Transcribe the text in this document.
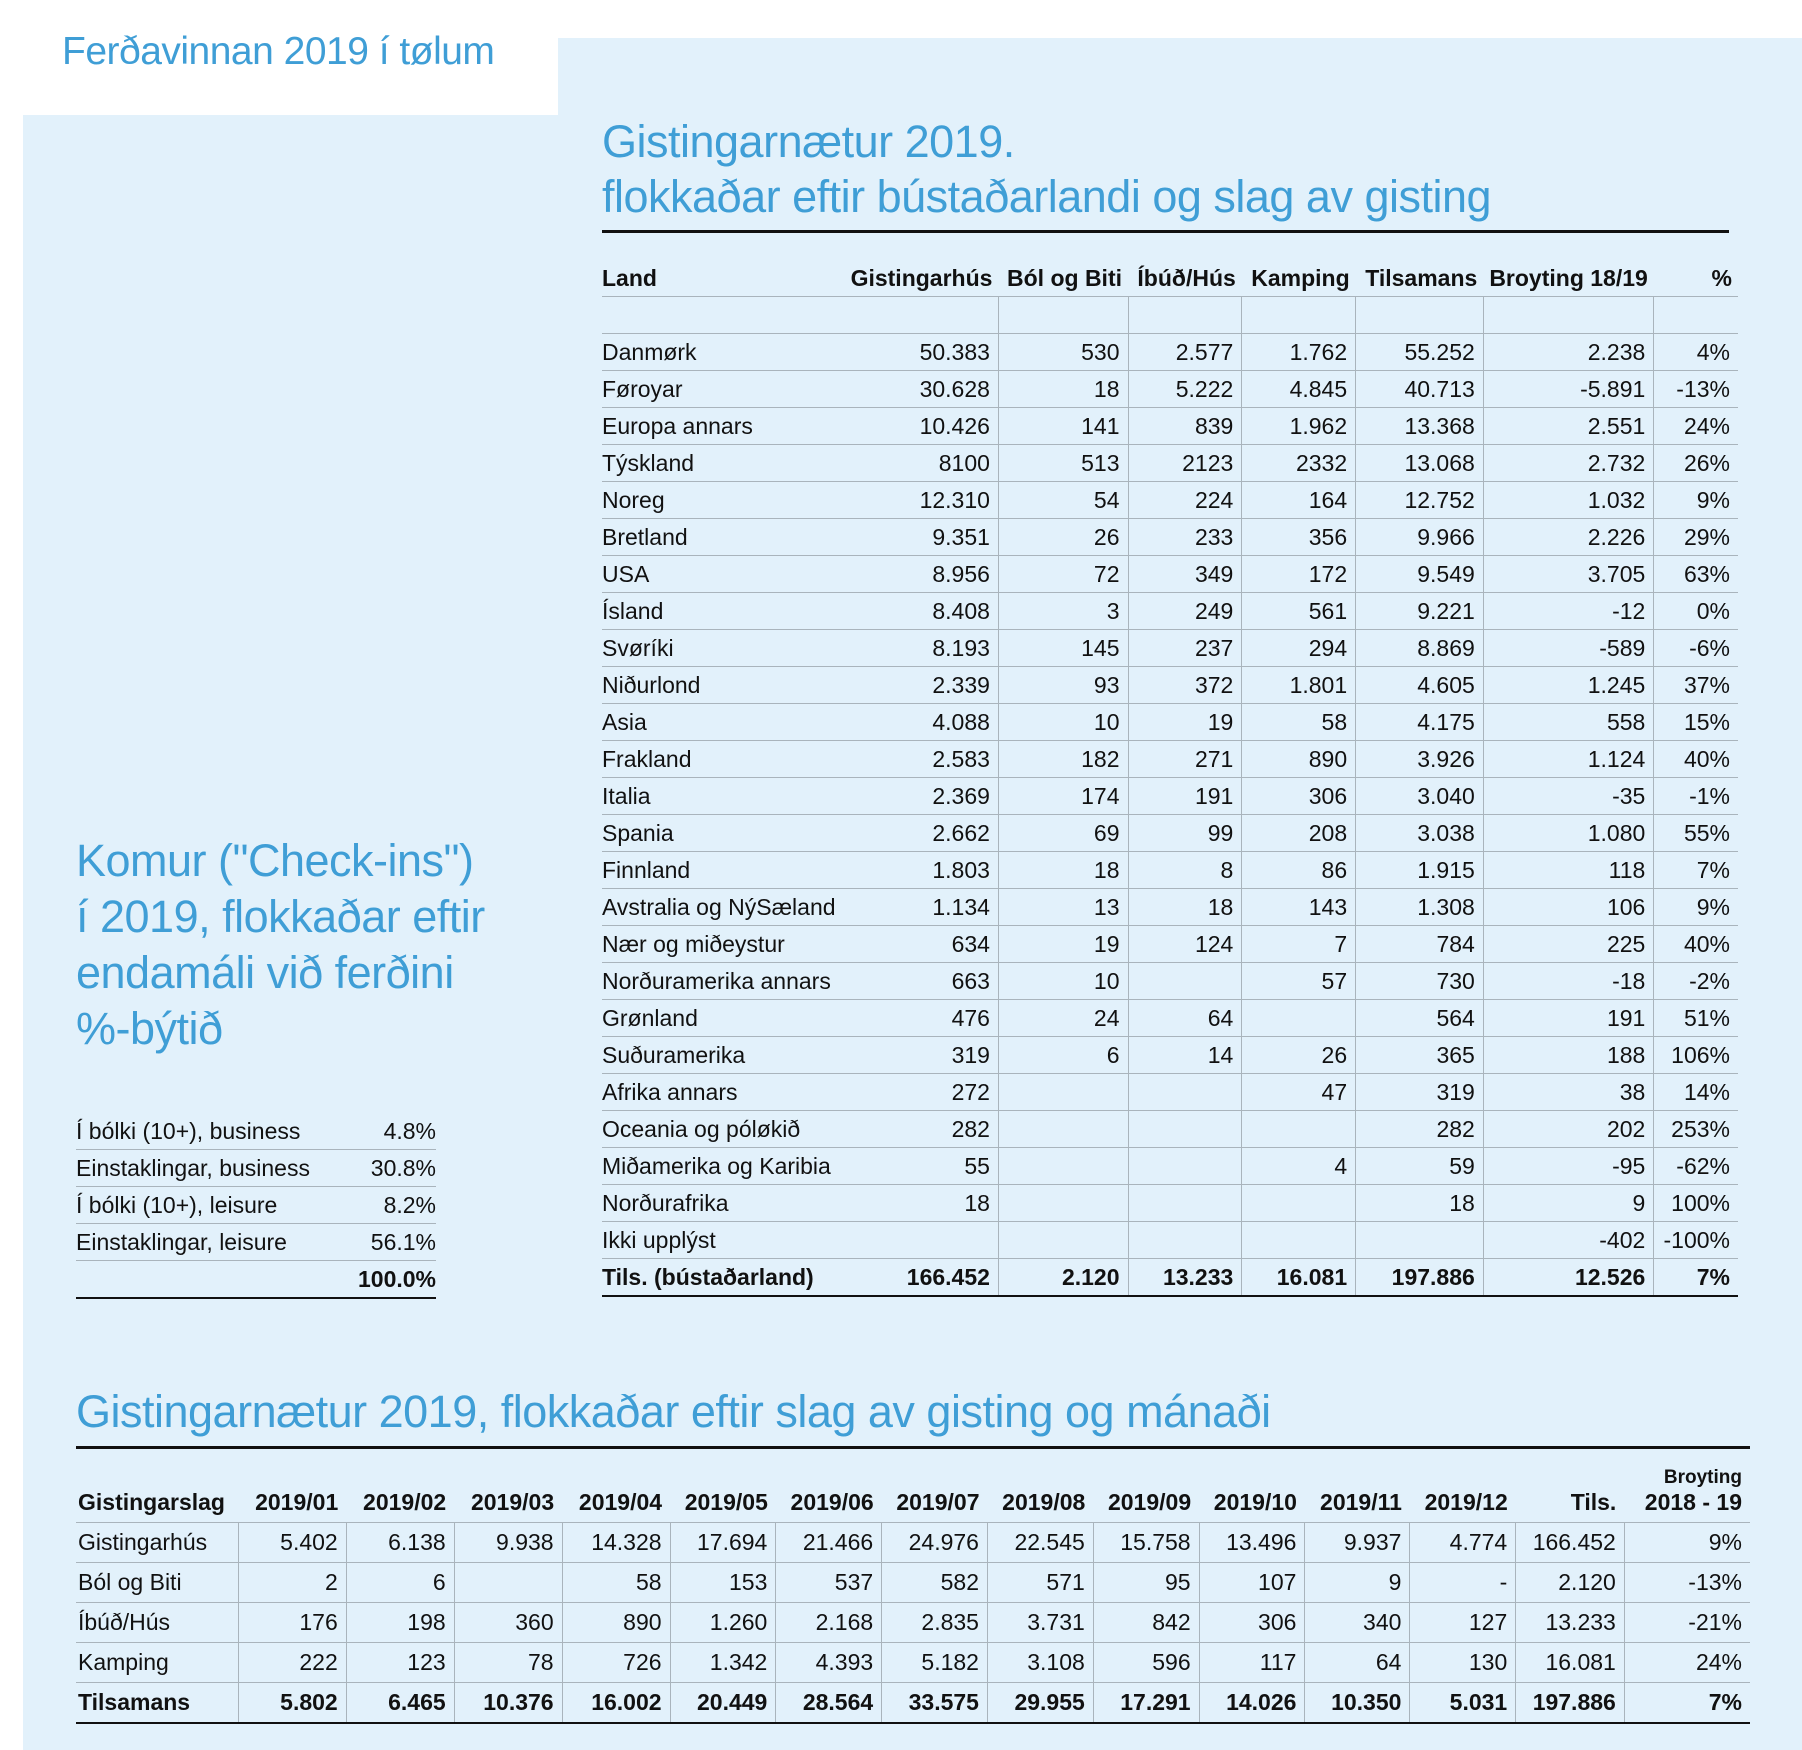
Ferðavinnan 2019 í tølum
Gistingarnætur 2019.
flokkaðar eftir bústaðarlandi og slag av gisting
Land	Gistingarhús	Ból og Biti	Íbúð/Hús	Kamping	Tilsamans	Broyting 18/19	%

Danmørk	50.383	530	2.577	1.762	55.252	2.238	4%
Føroyar	30.628	18	5.222	4.845	40.713	-5.891	-13%
Europa annars	10.426	141	839	1.962	13.368	2.551	24%
Týskland	8100	513	2123	2332	13.068	2.732	26%
Noreg	12.310	54	224	164	12.752	1.032	9%
Bretland	9.351	26	233	356	9.966	2.226	29%
USA	8.956	72	349	172	9.549	3.705	63%
Ísland	8.408	3	249	561	9.221	-12	0%
Svøríki	8.193	145	237	294	8.869	-589	-6%
Niðurlond	2.339	93	372	1.801	4.605	1.245	37%
Asia	4.088	10	19	58	4.175	558	15%
Frakland	2.583	182	271	890	3.926	1.124	40%
Italia	2.369	174	191	306	3.040	-35	-1%
Spania	2.662	69	99	208	3.038	1.080	55%
Finnland	1.803	18	8	86	1.915	118	7%
Avstralia og NýSæland	1.134	13	18	143	1.308	106	9%
Nær og miðeystur	634	19	124	7	784	225	40%
Norðuramerika annars	663	10		57	730	-18	-2%
Grønland	476	24	64		564	191	51%
Suðuramerika	319	6	14	26	365	188	106%
Afrika annars	272			47	319	38	14%
Oceania og póløkið	282				282	202	253%
Miðamerika og Karibia	55			4	59	-95	-62%
Norðurafrika	18				18	9	100%
Ikki upplýst						-402	-100%
Tils. (bústaðarland)	166.452	2.120	13.233	16.081	197.886	12.526	7%
Komur ("Check-ins")
í 2019, flokkaðar eftir
endamáli við ferðini
%-býtið
Í bólki (10+), business	4.8%
Einstaklingar, business	30.8%
Í bólki (10+), leisure	8.2%
Einstaklingar, leisure	56.1%
	100.0%
Gistingarnætur 2019, flokkaðar eftir slag av gisting og mánaði
Gistingarslag	2019/01	2019/02	2019/03	2019/04	2019/05	2019/06	2019/07	2019/08	2019/09	2019/10	2019/11	2019/12	Tils.	Broyting
2018 - 19
Gistingarhús	5.402	6.138	9.938	14.328	17.694	21.466	24.976	22.545	15.758	13.496	9.937	4.774	166.452	9%
Ból og Biti	2	6		58	153	537	582	571	95	107	9	-	2.120	-13%
Íbúð/Hús	176	198	360	890	1.260	2.168	2.835	3.731	842	306	340	127	13.233	-21%
Kamping	222	123	78	726	1.342	4.393	5.182	3.108	596	117	64	130	16.081	24%
Tilsamans	5.802	6.465	10.376	16.002	20.449	28.564	33.575	29.955	17.291	14.026	10.350	5.031	197.886	7%
